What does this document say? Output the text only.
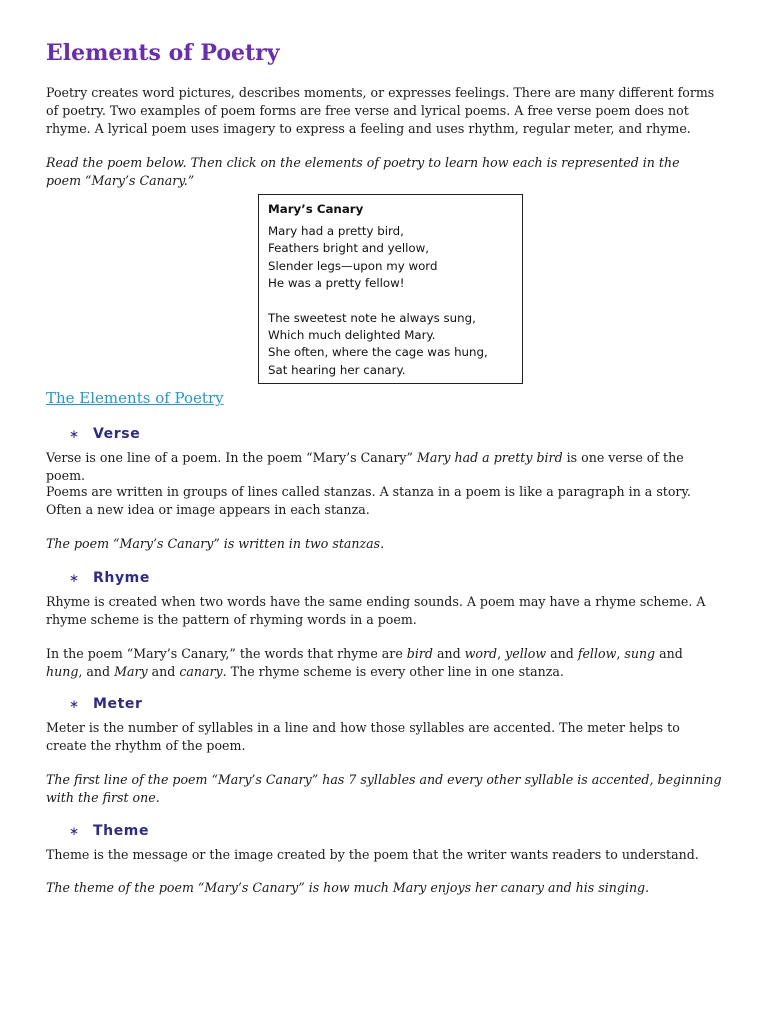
Elements of Poetry

Poetry creates word pictures, describes moments, or expresses feelings. There are many different forms of poetry. Two examples of poem forms are free verse and lyrical poems. A free verse poem does not rhyme. A lyrical poem uses imagery to express a feeling and uses rhythm, regular meter, and rhyme.

Read the poem below. Then click on the elements of poetry to learn how each is represented in the poem “Mary’s Canary.”

Mary’s Canary
Mary had a pretty bird,
Feathers bright and yellow,
Slender legs—upon my word
He was a pretty fellow!
The sweetest note he always sung,
Which much delighted Mary.
She often, where the cage was hung,
Sat hearing her canary.
The Elements of Poetry
∗ Verse

Verse is one line of a poem. In the poem “Mary’s Canary” Mary had a pretty bird is one verse of the poem.

Poems are written in groups of lines called stanzas. A stanza in a poem is like a paragraph in a story. Often a new idea or image appears in each stanza.

The poem “Mary’s Canary” is written in two stanzas.

∗ Rhyme

Rhyme is created when two words have the same ending sounds. A poem may have a rhyme scheme. A rhyme scheme is the pattern of rhyming words in a poem.

In the poem “Mary’s Canary,” the words that rhyme are bird and word, yellow and fellow, sung and hung, and Mary and canary. The rhyme scheme is every other line in one stanza.

∗ Meter

Meter is the number of syllables in a line and how those syllables are accented. The meter helps to create the rhythm of the poem.

The first line of the poem “Mary’s Canary” has 7 syllables and every other syllable is accented, beginning with the first one.

∗ Theme

Theme is the message or the image created by the poem that the writer wants readers to understand.

The theme of the poem “Mary’s Canary” is how much Mary enjoys her canary and his singing.
